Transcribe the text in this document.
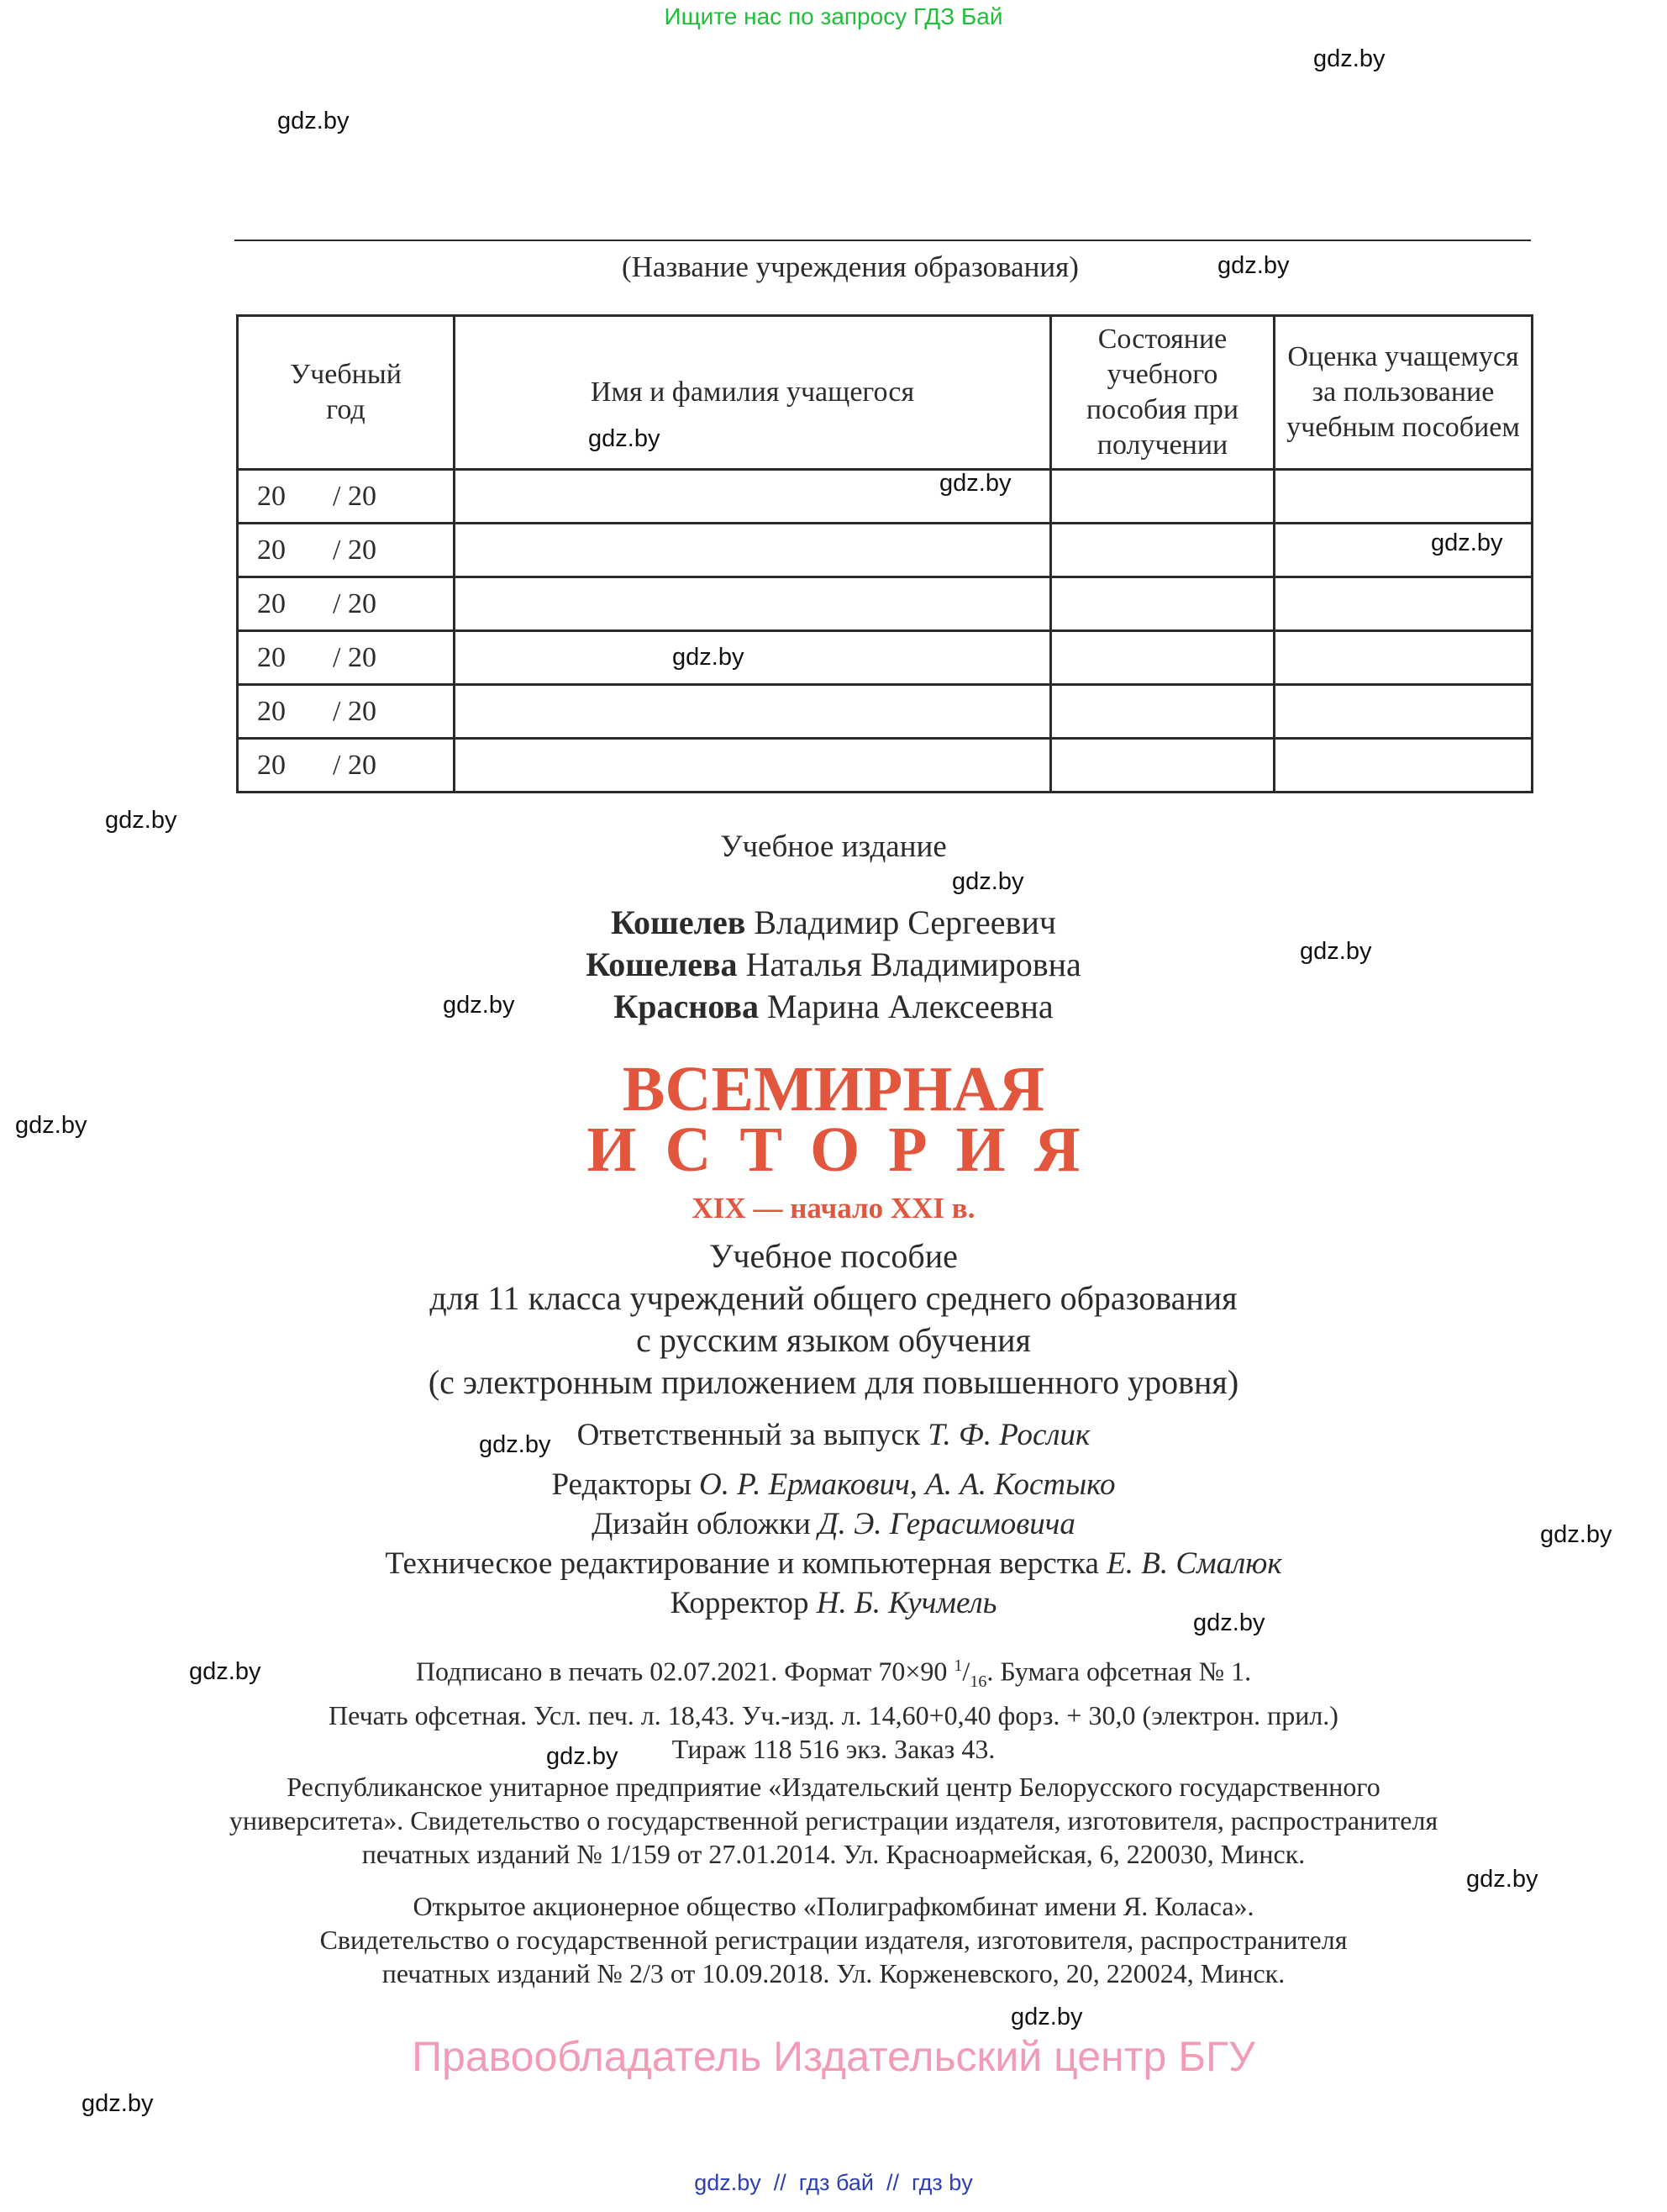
Ищите нас по запросу ГДЗ Бай
gdz.by
gdz.by
gdz.by
gdz.by
gdz.by
gdz.by
gdz.by
gdz.by
gdz.by
gdz.by
gdz.by
gdz.by
gdz.by
gdz.by
gdz.by
gdz.by
gdz.by
gdz.by
gdz.by
gdz.by
(Название учреждения образования)
Учебный год	Имя и фамилия учащегося	Состояние учебного пособия при получении	Оценка учащемуся за пользование учебным пособием

20 / 20			

20 / 20			

20 / 20			

20 / 20			

20 / 20			

20 / 20			

Учебное издание
Кошелев Владимир Сергеевич
Кошелева Наталья Владимировна
Краснова Марина Алексеевна
ВСЕМИРНАЯ
ИСТОРИЯ
XIX — начало XXI в.
Учебное пособие
для 11 класса учреждений общего среднего образования
с русским языком обучения
(с электронным приложением для повышенного уровня)
Ответственный за выпуск Т. Ф. Рослик
Редакторы О. Р. Ермакович, А. А. Костыко
Дизайн обложки Д. Э. Герасимовича
Техническое редактирование и компьютерная верстка Е. В. Смалюк
Корректор Н. Б. Кучмель
Подписано в печать 02.07.2021. Формат 70×90 $^1/_{16}$. Бумага офсетная № 1.
Печать офсетная. Усл. печ. л. 18,43. Уч.-изд. л. 14,60+0,40 форз. + 30,0 (электрон. прил.)
Тираж 118 516 экз. Заказ 43.
Республиканское унитарное предприятие «Издательский центр Белорусского государственного
университета». Свидетельство о государственной регистрации издателя, изготовителя, распространителя
печатных изданий № 1/159 от 27.01.2014. Ул. Красноармейская, 6, 220030, Минск.
Открытое акционерное общество «Полиграфкомбинат имени Я. Коласа».
Свидетельство о государственной регистрации издателя, изготовителя, распространителя
печатных изданий № 2/3 от 10.09.2018. Ул. Корженевского, 20, 220024, Минск.
Правообладатель Издательский центр БГУ
gdz.by  //  гдз бай  //  гдз by
